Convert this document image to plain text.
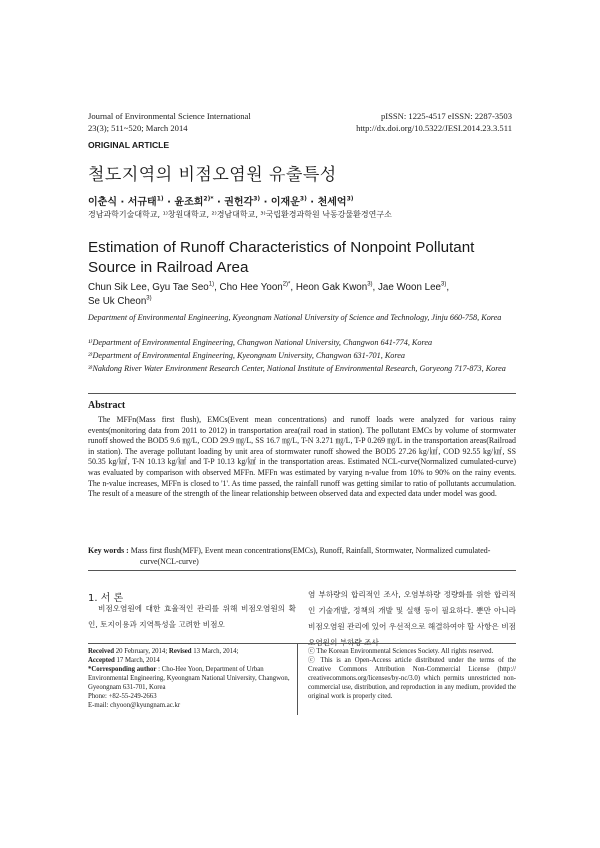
Journal of Environmental Science International
23(3); 511~520; March 2014
pISSN: 1225-4517 eISSN: 2287-3503
http://dx.doi.org/10.5322/JESI.2014.23.3.511
ORIGINAL ARTICLE
철도지역의 비점오염원 유출특성
이춘식 · 서규태$^{1)}$ · 윤조희$^{2)*}$ · 권헌각$^{3)}$ · 이재운$^{3)}$ · 천세억$^{3)}$
경남과학기술대학교, ¹⁾창원대학교, ²⁾경남대학교, ³⁾국립환경과학원 낙동강물환경연구소
Estimation of Runoff Characteristics of Nonpoint Pollutant Source in Railroad Area
Chun Sik Lee, Gyu Tae Seo$^{1)}$, Cho Hee Yoon$^{2)*}$, Heon Gak Kwon$^{3)}$, Jae Woon Lee$^{3)}$,
Se Uk Cheon$^{3)}$
Department of Environmental Engineering, Kyeongnam National University of Science and Technology, Jinju 660-758, Korea
¹⁾Department of Environmental Engineering, Changwon National University, Changwon 641-774, Korea
²⁾Department of Environmental Engineering, Kyeongnam University, Changwon 631-701, Korea
³⁾Nakdong River Water Environment Research Center, National Institute of Environmental Research, Goryeong 717-873, Korea
Abstract
The MFFn(Mass first flush), EMCs(Event mean concentrations) and runoff loads were analyzed for various rainy events(monitoring data from 2011 to 2012) in transportation area(rail road in station). The pollutant EMCs by volume of stormwater runoff showed the BOD5 9.6 ㎎/L, COD 29.9 ㎎/L, SS 16.7 ㎎/L, T-N 3.271 ㎎/L, T-P 0.269 ㎎/L in the transportation areas(Railroad in station). The average pollutant loading by unit area of stormwater runoff showed the BOD5 27.26 kg/㎢, COD 92.55 kg/㎢, SS 50.35 kg/㎢, T-N 10.13 kg/㎢ and T-P 10.13 kg/㎢ in the transportation areas. Estimated NCL-curve(Normalized cumulated-curve) was evaluated by comparison with observed MFFn. MFFn was estimated by varying n-value from 10% to 90% on the rainy events. The n-value increases, MFFn is closed to '1'. As time passed, the rainfall runoff was getting similar to ratio of pollutants accumulation. The result of a measure of the strength of the linear relationship between observed data and expected data under model was good.
Key words : Mass first flush(MFF), Event mean concentrations(EMCs), Runoff, Rainfall, Stormwater, Normalized cumulated-
curve(NCL-curve)
1. 서 론
비점오염원에 대한 효율적인 관리를 위해 비점오염원의 확인, 토지이용과 지역특성을 고려한 비점오
염 부하량의 합리적인 조사, 오염부하량 정량화를 위한 합리적인 기술개발, 정책의 개발 및 실행 등이 필요하다. 뿐만 아니라 비점오염원 관리에 있어 우선적으로 해결하여야 할 사항은 비점오염원의 부하량 조사
Received 20 February, 2014; Revised 13 March, 2014;
Accepted 17 March, 2014
*Corresponding author : Cho-Hee Yoon, Department of Urban Environmental Engineering, Kyeongnam National University, Changwon, Gyeongnam 631-701, Korea
Phone: +82-55-249-2663
E-mail: chyoon@kyungnam.ac.kr
ⓒ The Korean Environmental Sciences Society. All rights reserved.
ⓒ This is an Open-Access article distributed under the terms of the Creative Commons Attribution Non-Commercial License (http:// creativecommons.org/licenses/by-nc/3.0) which permits unrestricted non-commercial use, distribution, and reproduction in any medium, provided the original work is properly cited.
